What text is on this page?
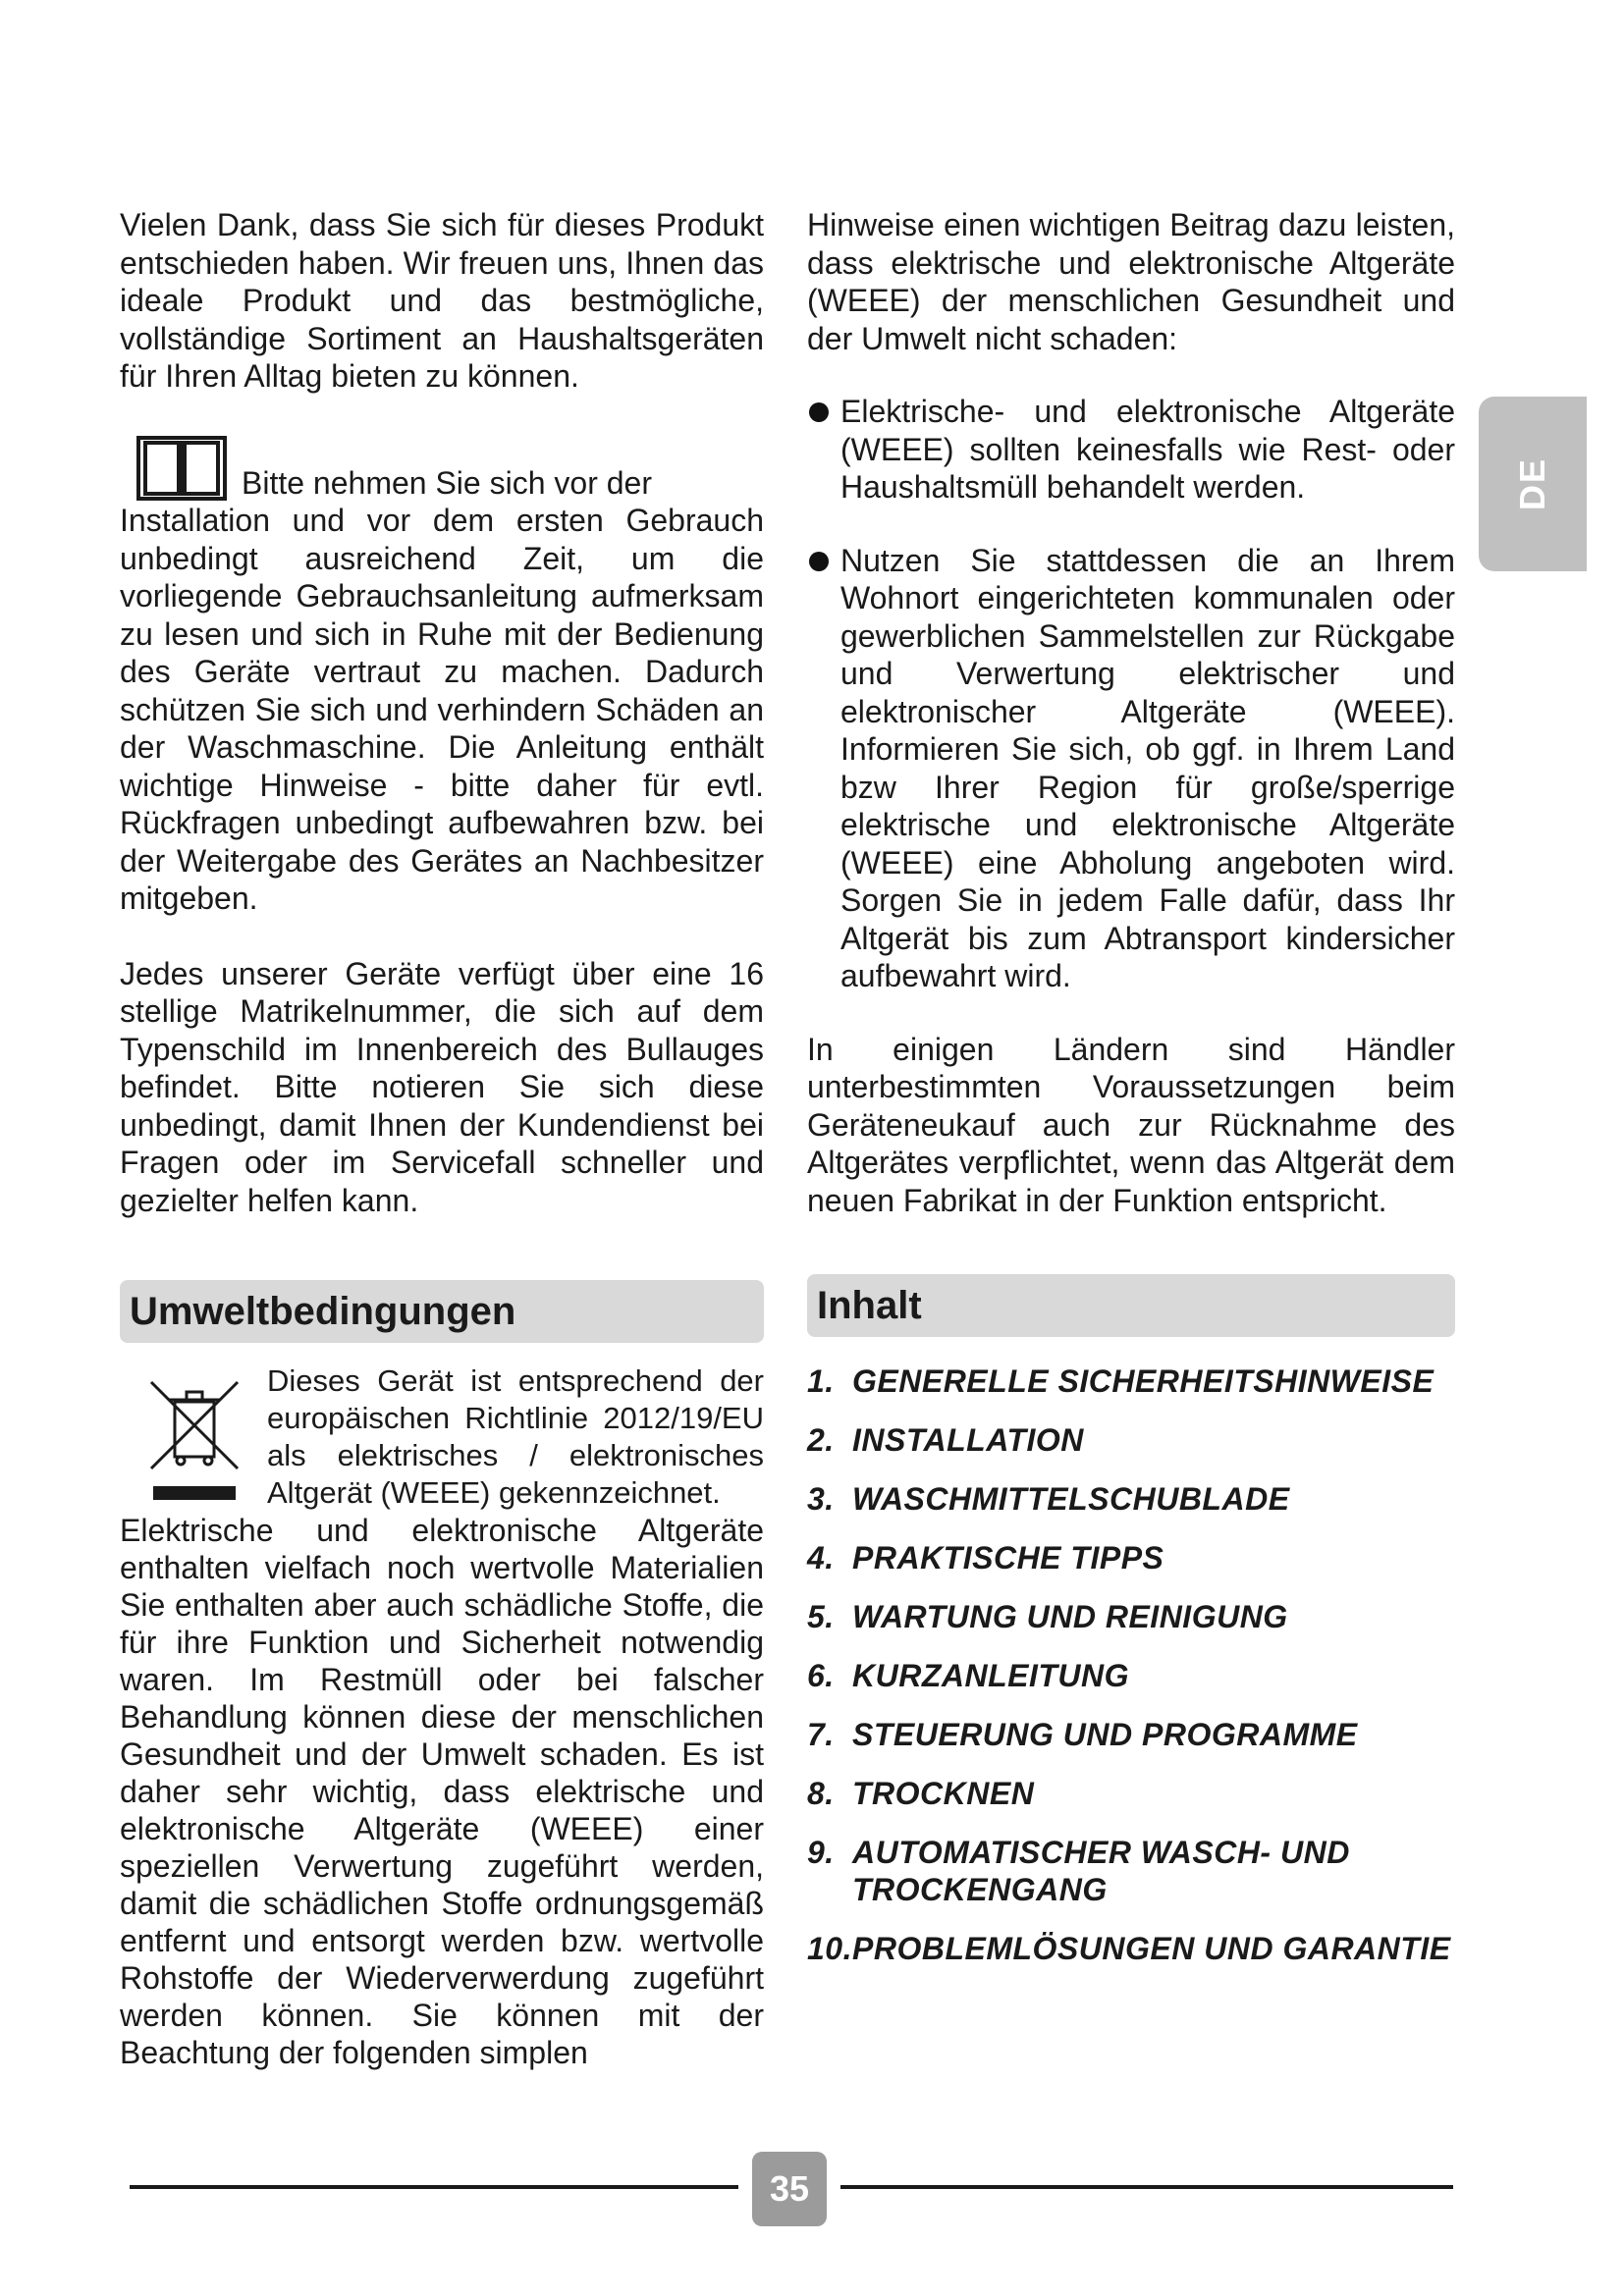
Vielen Dank, dass Sie sich für dieses Produkt entschieden haben. Wir freuen uns, Ihnen das ideale Produkt und das bestmögliche, vollständige Sortiment an Haushaltsgeräten für Ihren Alltag bieten zu können.

Bitte nehmen Sie sich vor der Installation und vor dem ersten Gebrauch unbedingt ausreichend Zeit, um die vorliegende Gebrauchsanleitung aufmerksam zu lesen und sich in Ruhe mit der Bedienung des Geräte vertraut zu machen. Dadurch schützen Sie sich und verhindern Schäden an der Waschmaschine. Die Anleitung enthält wichtige Hinweise - bitte daher für evtl. Rückfragen unbedingt aufbewahren bzw. bei der Weitergabe des Gerätes an Nachbesitzer mitgeben.

Jedes unserer Geräte verfügt über eine 16 stellige Matrikelnummer, die sich auf dem Typenschild im Innenbereich des Bullauges befindet. Bitte notieren Sie sich diese unbedingt, damit Ihnen der Kundendienst bei Fragen oder im Servicefall schneller und gezielter helfen kann.

Umweltbedingungen

Dieses Gerät ist entsprechend der europäischen Richtlinie 2012/19/EU als elektrisches / elektronisches Altgerät (WEEE) gekennzeichnet.

Elektrische und elektronische Altgeräte enthalten vielfach noch wertvolle Materialien Sie enthalten aber auch schädliche Stoffe, die für ihre Funktion und Sicherheit notwendig waren. Im Restmüll oder bei falscher Behandlung können diese der menschlichen Gesundheit und der Umwelt schaden. Es ist daher sehr wichtig, dass elektrische und elektronische Altgeräte (WEEE) einer speziellen Verwertung zugeführt werden, damit die schädlichen Stoffe ordnungsgemäß entfernt und entsorgt werden bzw. wertvolle Rohstoffe der Wiederverwerdung zugeführt werden können. Sie können mit der Beachtung der folgenden simplen

Hinweise einen wichtigen Beitrag dazu leisten, dass elektrische und elektronische Altgeräte (WEEE) der menschlichen Gesundheit und der Umwelt nicht schaden:

Elektrische- und elektronische Altgeräte (WEEE) sollten keinesfalls wie Rest- oder Haushaltsmüll behandelt werden.
Nutzen Sie stattdessen die an Ihrem Wohnort eingerichteten kommunalen oder gewerblichen Sammelstellen zur Rückgabe und Verwertung elektrischer und elektronischer Altgeräte (WEEE). Informieren Sie sich, ob ggf. in Ihrem Land bzw Ihrer Region für große/sperrige elektrische und elektronische Altgeräte (WEEE) eine Abholung angeboten wird. Sorgen Sie in jedem Falle dafür, dass Ihr Altgerät bis zum Abtransport kindersicher aufbewahrt wird.

In einigen Ländern sind Händler unterbestimmten Voraussetzungen beim Geräteneukauf auch zur Rücknahme des Altgerätes verpflichtet, wenn das Altgerät dem neuen Fabrikat in der Funktion entspricht.

Inhalt
1. GENERELLE SICHERHEITSHINWEISE
2. INSTALLATION
3. WASCHMITTELSCHUBLADE
4. PRAKTISCHE TIPPS
5. WARTUNG UND REINIGUNG
6. KURZANLEITUNG
7. STEUERUNG UND PROGRAMME
8. TROCKNEN
9. AUTOMATISCHER WASCH- UND
TROCKENGANG
10.PROBLEMLÖSUNGEN UND GARANTIE
DE
35
